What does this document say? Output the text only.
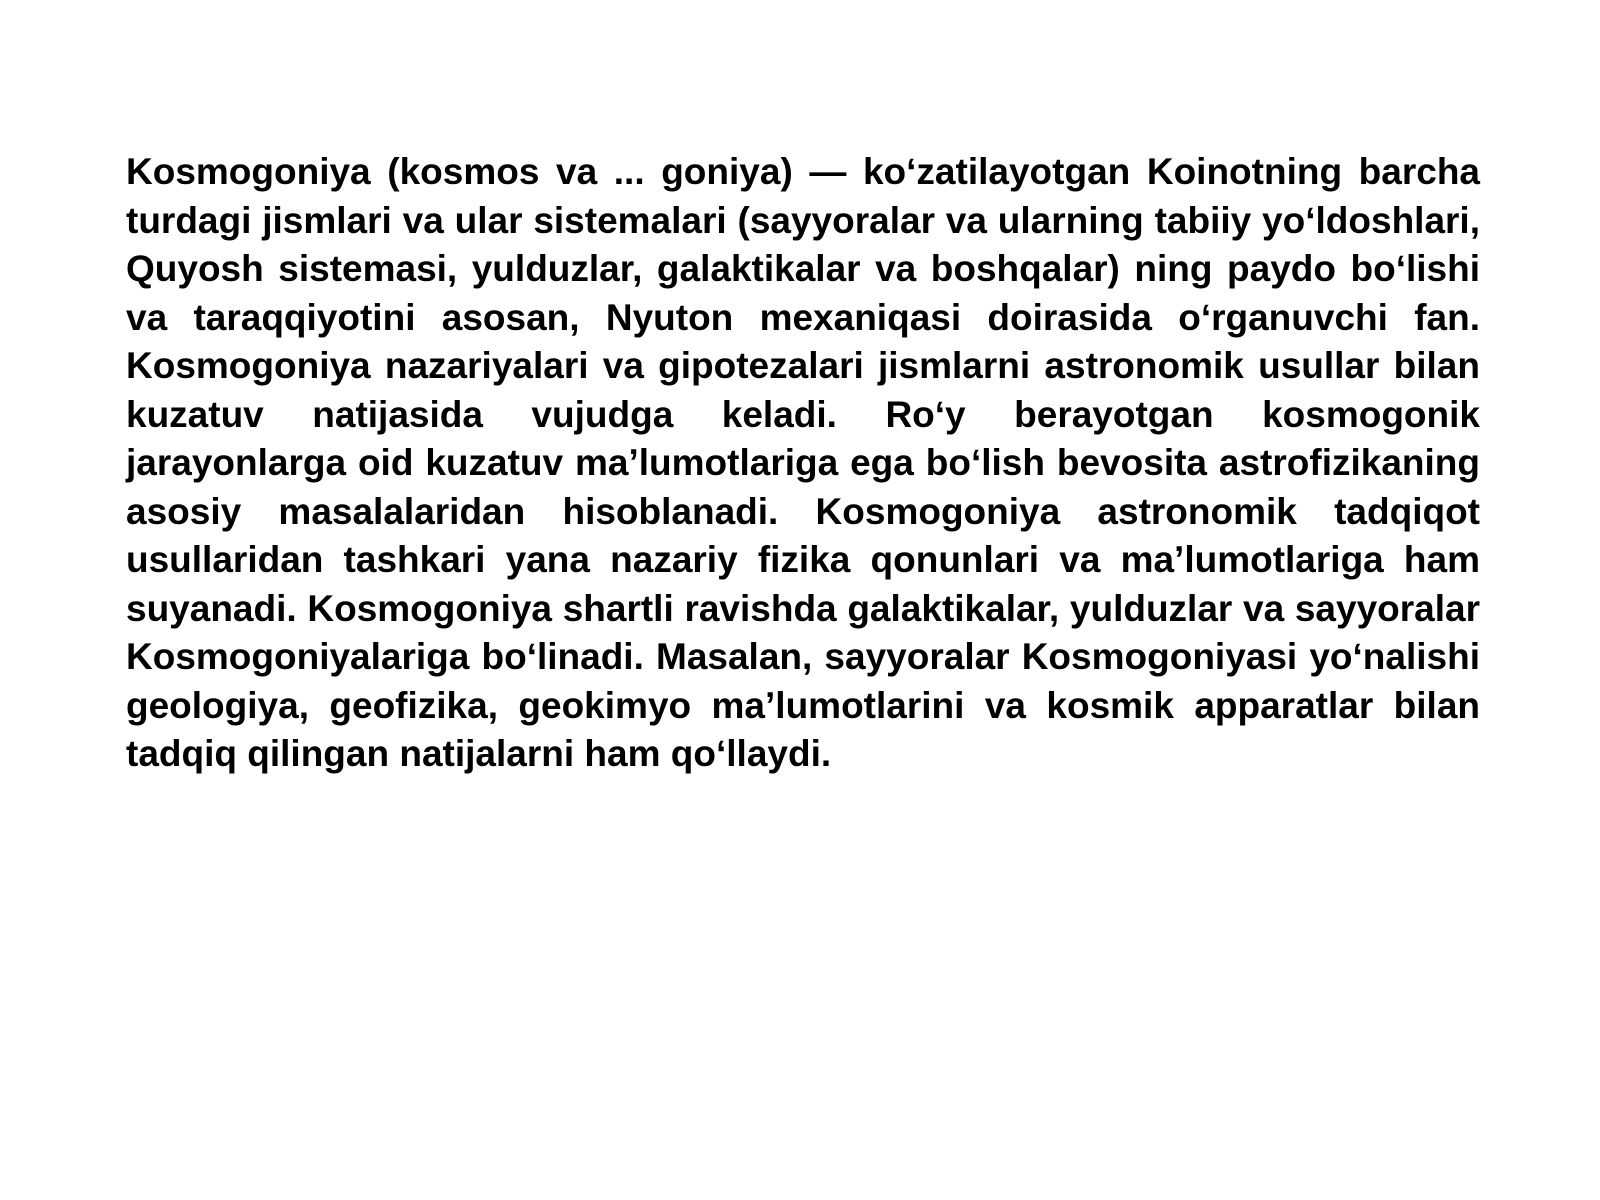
Kosmogoniya (kosmos va ... goniya) — ko‘zatilayotgan Koinotning barcha turdagi jismlari va ular sistemalari (sayyoralar va ularning tabiiy yo‘ldoshlari, Quyosh sistemasi, yulduzlar, galaktikalar va boshqalar) ning paydo bo‘lishi va taraqqiyotini asosan, Nyuton mexaniqasi doirasida o‘rganuvchi fan. Kosmogoniya nazariyalari va gipotezalari jismlarni astronomik usullar bilan kuzatuv natijasida vujudga keladi. Ro‘y berayotgan kosmogonik jarayonlarga oid kuzatuv ma’lumotlariga ega bo‘lish bevosita astrofizikaning asosiy masalalaridan hisoblanadi. Kosmogoniya astronomik tadqiqot usullaridan tashkari yana nazariy fizika qonunlari va ma’lumotlariga ham suyanadi. Kosmogoniya shartli ravishda galaktikalar, yulduzlar va sayyoralar Kosmogoniyalariga bo‘linadi. Masalan, sayyoralar Kosmogoniyasi yo‘nalishi geologiya, geofizika, geokimyo ma’lumotlarini va kosmik apparatlar bilan tadqiq qilingan natijalarni ham qo‘llaydi.
